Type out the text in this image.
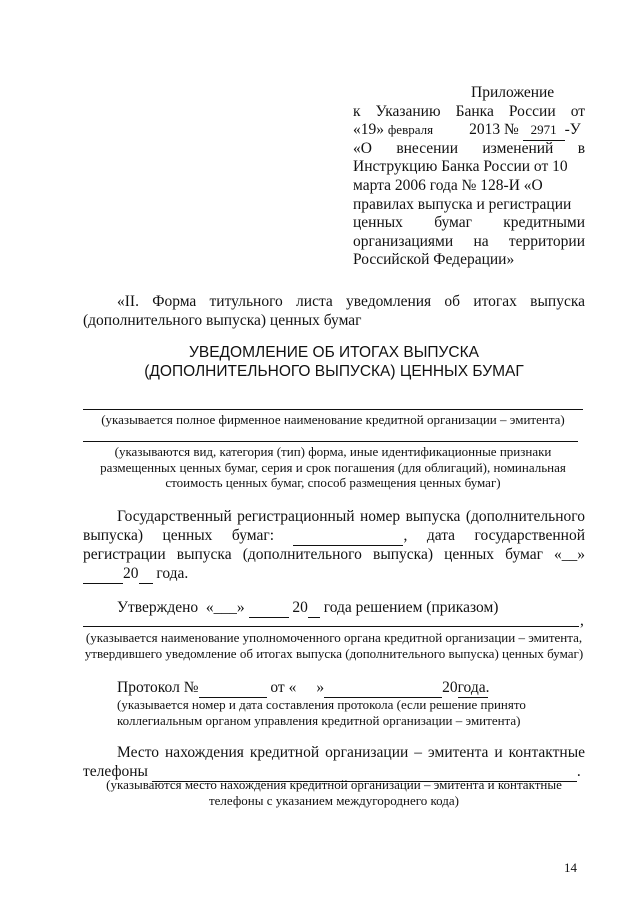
Приложение
к Указанию Банка России от
«19» февраля 2013 № 2971 -У
«О внесении изменений в
Инструкцию Банка России от 10
марта 2006 года № 128-И «О
правилах выпуска и регистрации
ценных бумаг кредитными
организациями на территории
Российской Федерации»
«II. Форма титульного листа уведомления об итогах выпуска
(дополнительного выпуска) ценных бумаг
УВЕДОМЛЕНИЕ ОБ ИТОГАХ ВЫПУСКА
(ДОПОЛНИТЕЛЬНОГО ВЫПУСКА) ЦЕННЫХ БУМАГ
(указывается полное фирменное наименование кредитной организации – эмитента)
(указываются вид, категория (тип) форма, иные идентификационные признаки
размещенных ценных бумаг, серия и срок погашения (для облигаций), номинальная
стоимость ценных бумаг, способ размещения ценных бумаг)
Государственный регистрационный номер выпуска (дополнительного
выпуска) ценных бумаг:	, дата государственной
регистрации выпуска (дополнительного выпуска) ценных бумаг «__»
20 года.
Утверждено «___»	20 года решением (приказом)
,
(указывается наименование уполномоченного органа кредитной организации – эмитента,
утвердившего уведомление об итогах выпуска (дополнительного выпуска) ценных бумаг)
Протокол №	от « »	20года.
(указывается номер и дата составления протокола (если решение принято
коллегиальным органом управления кредитной организации – эмитента)
Место нахождения кредитной организации – эмитента и контактные
телефоны	.
(указываются место нахождения кредитной организации – эмитента и контактные
телефоны с указанием междугороднего кода)
14
